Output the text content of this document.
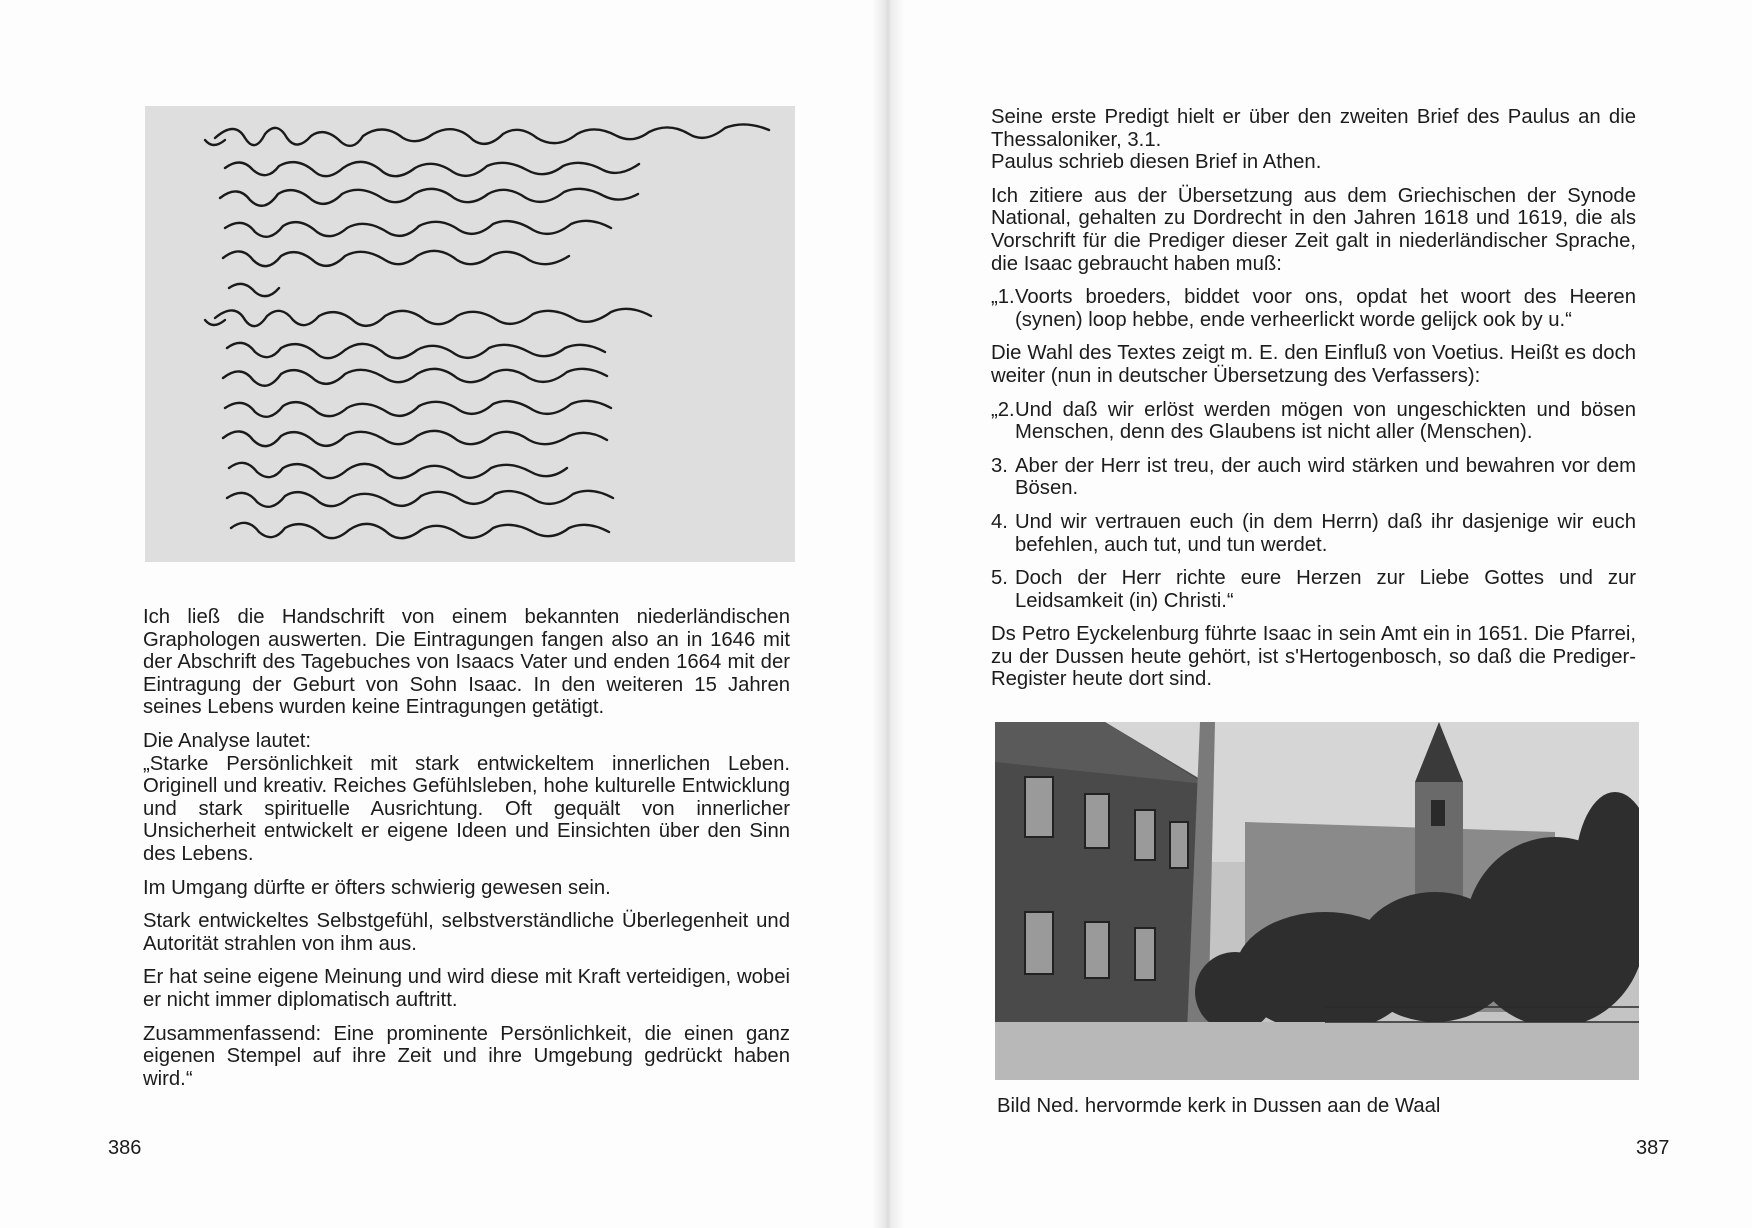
Ich ließ die Handschrift von einem bekannten niederländischen Graphologen auswerten. Die Eintragungen fangen also an in 1646 mit der Abschrift des Tagebuches von Isaacs Vater und enden 1664 mit der Eintragung der Geburt von Sohn Isaac. In den weiteren 15 Jahren seines Lebens wurden keine Eintragungen getätigt.

Die Analyse lautet:

„Starke Persönlichkeit mit stark entwickeltem innerlichen Leben. Originell und kreativ. Reiches Gefühlsleben, hohe kulturelle Entwicklung und stark spirituelle Ausrichtung. Oft gequält von innerlicher Unsicherheit entwickelt er eigene Ideen und Einsichten über den Sinn des Lebens.

Im Umgang dürfte er öfters schwierig gewesen sein.

Stark entwickeltes Selbstgefühl, selbstverständliche Überlegenheit und Autorität strahlen von ihm aus.

Er hat seine eigene Meinung und wird diese mit Kraft verteidigen, wobei er nicht immer diplomatisch auftritt.

Zusammenfassend: Eine prominente Persönlichkeit, die einen ganz eigenen Stempel auf ihre Zeit und ihre Umgebung gedrückt haben wird.“

386

Seine erste Predigt hielt er über den zweiten Brief des Paulus an die Thessaloniker, 3.1.

Paulus schrieb diesen Brief in Athen.

Ich zitiere aus der Übersetzung aus dem Griechischen der Synode National, gehalten zu Dordrecht in den Jahren 1618 und 1619, die als Vorschrift für die Prediger dieser Zeit galt in niederländischer Sprache, die Isaac gebraucht haben muß:

„1. Voorts broeders, biddet voor ons, opdat het woort des Heeren (synen) loop hebbe, ende verheerlickt worde gelijck ook by u.“

Die Wahl des Textes zeigt m. E. den Einfluß von Voetius. Heißt es doch weiter (nun in deutscher Übersetzung des Verfassers):

„2. Und daß wir erlöst werden mögen von ungeschickten und bösen Menschen, denn des Glaubens ist nicht aller (Menschen).
3. Aber der Herr ist treu, der auch wird stärken und bewahren vor dem Bösen.
4. Und wir vertrauen euch (in dem Herrn) daß ihr dasjenige wir euch befehlen, auch tut, und tun werdet.
5. Doch der Herr richte eure Herzen zur Liebe Gottes und zur Leidsamkeit (in) Christi.“

Ds Petro Eyckelenburg führte Isaac in sein Amt ein in 1651. Die Pfarrei, zu der Dussen heute gehört, ist s'Hertogenbosch, so daß die Prediger-Register heute dort sind.

Bild Ned. hervormde kerk in Dussen aan de Waal
387
